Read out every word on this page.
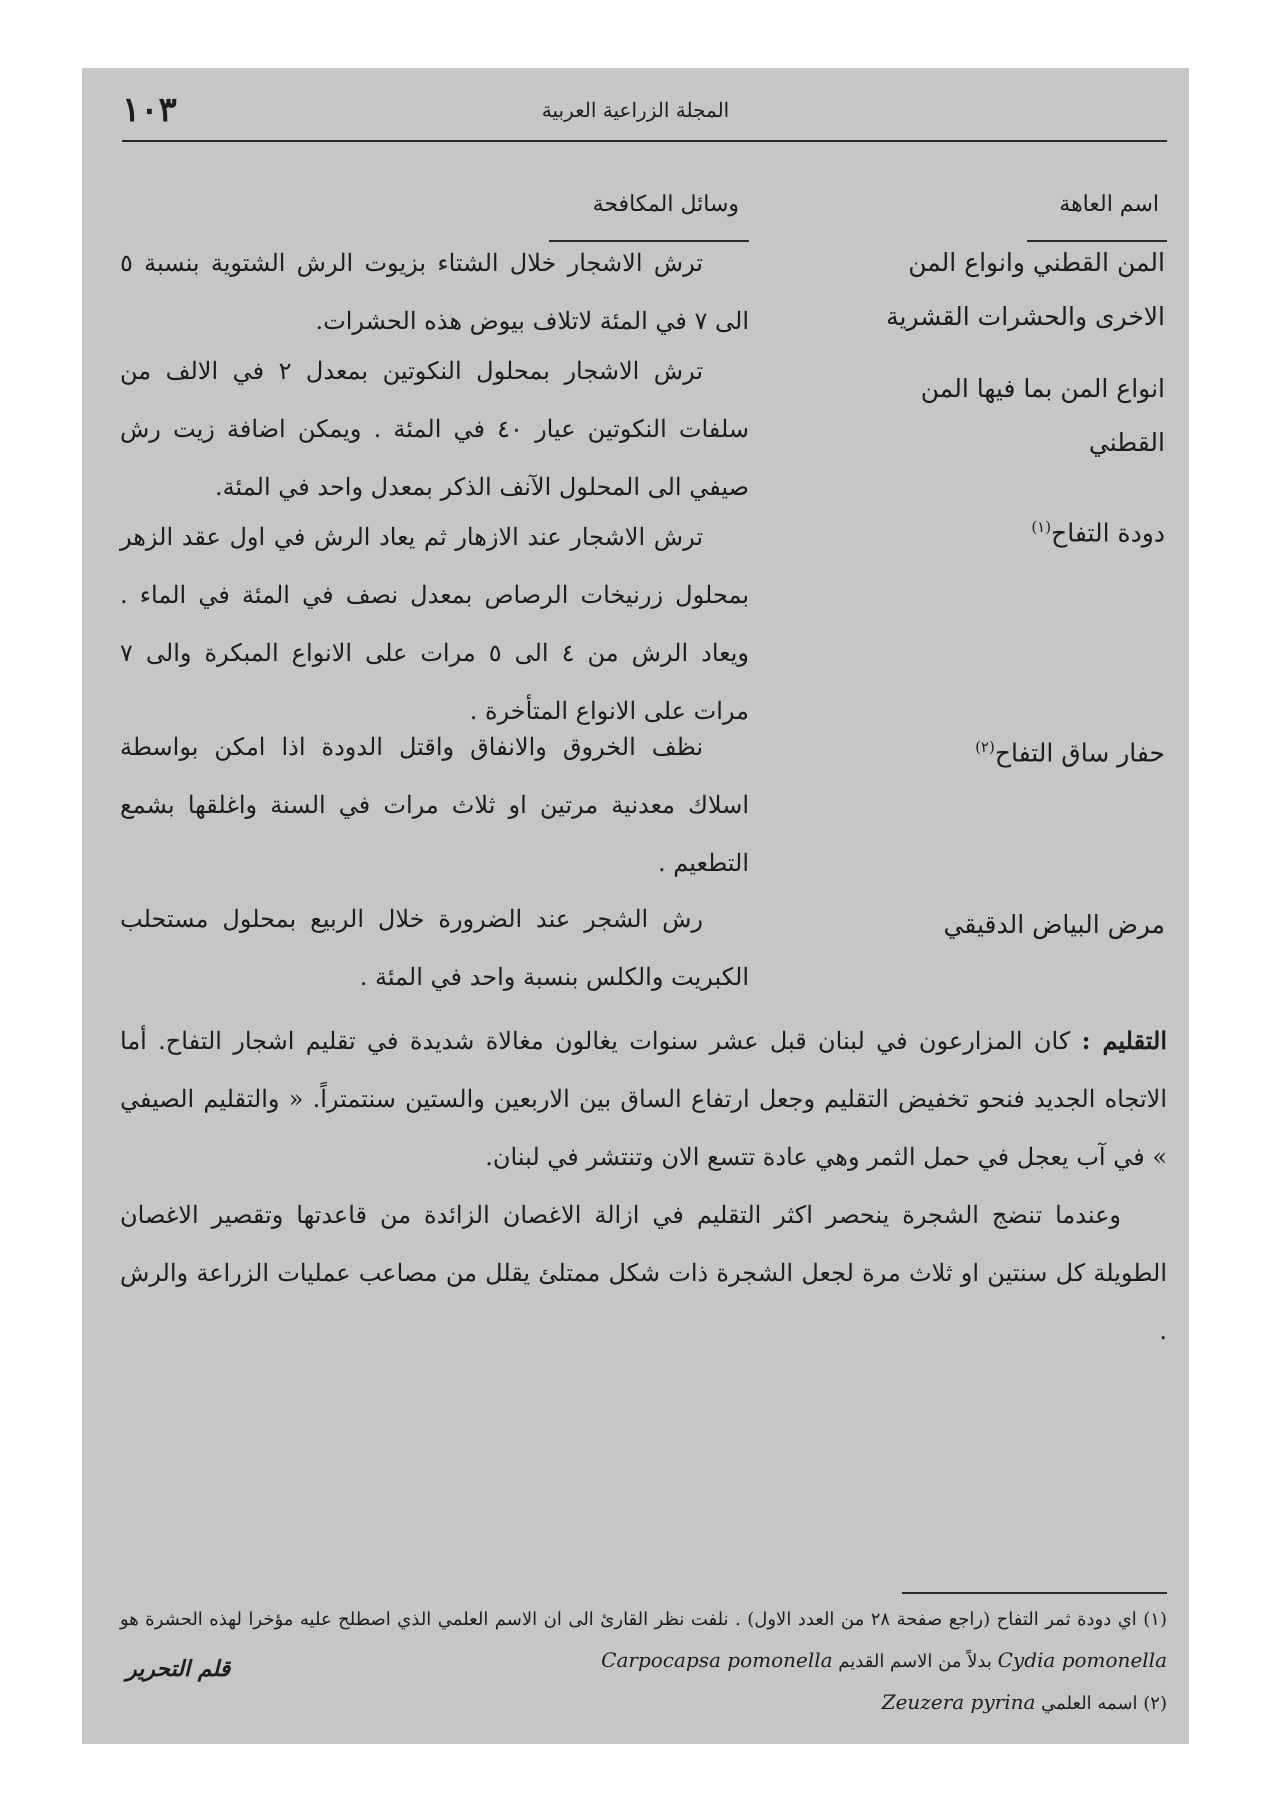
١٠٣	المجلة الزراعية العربية
اسم العاهة
وسائل المكافحة
المن القطني وانواع المن الاخرى والحشرات القشرية
ترش الاشجار خلال الشتاء بزيوت الرش الشتوية بنسبة ٥ الى ٧ في المئة لاتلاف بيوض هذه الحشرات.
انواع المن بما فيها المن القطني
ترش الاشجار بمحلول النكوتين بمعدل ٢ في الالف من سلفات النكوتين عيار ٤٠ في المئة . ويمكن اضافة زيت رش صيفي الى المحلول الآنف الذكر بمعدل واحد في المئة.
دودة التفاح$^{(١)}$
ترش الاشجار عند الازهار ثم يعاد الرش في اول عقد الزهر بمحلول زرنيخات الرصاص بمعدل نصف في المئة في الماء . ويعاد الرش من ٤ الى ٥ مرات على الانواع المبكرة والى ٧ مرات على الانواع المتأخرة .
حفار ساق التفاح$^{(٢)}$
نظف الخروق والانفاق واقتل الدودة اذا امكن بواسطة اسلاك معدنية مرتين او ثلاث مرات في السنة واغلقها بشمع التطعيم .
مرض البياض الدقيقي
رش الشجر عند الضرورة خلال الربيع بمحلول مستحلب الكبريت والكلس بنسبة واحد في المئة .

التقليم : كان المزارعون في لبنان قبل عشر سنوات يغالون مغالاة شديدة في تقليم اشجار التفاح. أما الاتجاه الجديد فنحو تخفيض التقليم وجعل ارتفاع الساق بين الاربعين والستين سنتمتراً. « والتقليم الصيفي » في آب يعجل في حمل الثمر وهي عادة تتسع الان وتنتشر في لبنان.

وعندما تنضج الشجرة ينحصر اكثر التقليم في ازالة الاغصان الزائدة من قاعدتها وتقصير الاغصان الطويلة كل سنتين او ثلاث مرة لجعل الشجرة ذات شكل ممتلئ يقلل من مصاعب عمليات الزراعة والرش .

(١) اي دودة ثمر التفاح (راجع صفحة ٢٨ من العدد الاول) . نلفت نظر القارئ الى ان الاسم العلمي الذي اصطلح عليه مؤخرا لهذه الحشرة هو Cydia pomonella بدلاً من الاسم القديم Carpocapsa pomonella

(٢) اسمه العلمي Zeuzera pyrina

قلم التحرير
